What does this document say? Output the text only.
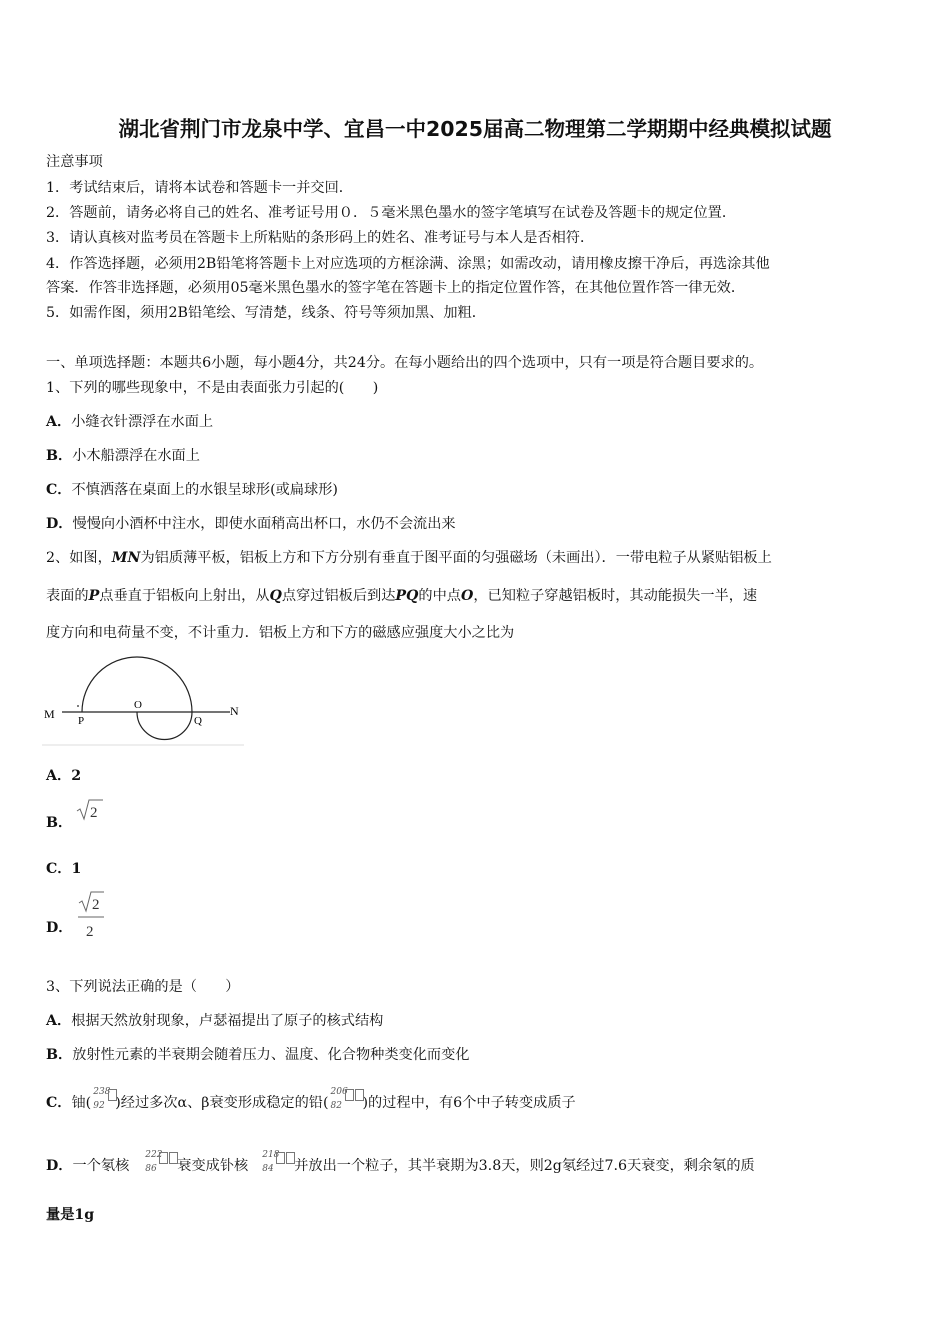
湖北省荆门市龙泉中学、宜昌一中2025届高二物理第二学期期中经典模拟试题
注意事项
1．考试结束后，请将本试卷和答题卡一并交回．
2．答题前，请务必将自己的姓名、准考证号用０．５毫米黑色墨水的签字笔填写在试卷及答题卡的规定位置．
3．请认真核对监考员在答题卡上所粘贴的条形码上的姓名、准考证号与本人是否相符．
4．作答选择题，必须用2B铅笔将答题卡上对应选项的方框涂满、涂黑；如需改动，请用橡皮擦干净后，再选涂其他
答案．作答非选择题，必须用05毫米黑色墨水的签字笔在答题卡上的指定位置作答，在其他位置作答一律无效．
5．如需作图，须用2B铅笔绘、写清楚，线条、符号等须加黑、加粗．
一、单项选择题：本题共6小题，每小题4分，共24分。在每小题给出的四个选项中，只有一项是符合题目要求的。
1、下列的哪些现象中，不是由表面张力引起的(　　)
A．小缝衣针漂浮在水面上
B．小木船漂浮在水面上
C．不慎洒落在桌面上的水银呈球形(或扁球形)
D．慢慢向小酒杯中注水，即使水面稍高出杯口，水仍不会流出来
2、如图，MN为铝质薄平板，铝板上方和下方分别有垂直于图平面的匀强磁场（未画出）．一带电粒子从紧贴铝板上
表面的P点垂直于铝板向上射出，从Q点穿过铝板后到达PQ的中点O，已知粒子穿越铝板时，其动能损失一半，速
度方向和电荷量不变，不计重力．铝板上方和下方的磁感应强度大小之比为
M P
O
Q
N
A．2
B．
2
C．1
D．
2
2
3、下列说法正确的是（　　）
A．根据天然放射现象，卢瑟福提出了原子的核式结构
B．放射性元素的半衰期会随着压力、温度、化合物种类变化而变化
C．铀(
238
92 )经过多次α、β衰变形成稳定的铅(
206
82 )的过程中，有6个中子转变成质子
D．一个氡核
222
86 衰变成钋核
218
84 并放出一个粒子，其半衰期为3.8天，则2g氡经过7.6天衰变，剩余氡的质
量是1g
